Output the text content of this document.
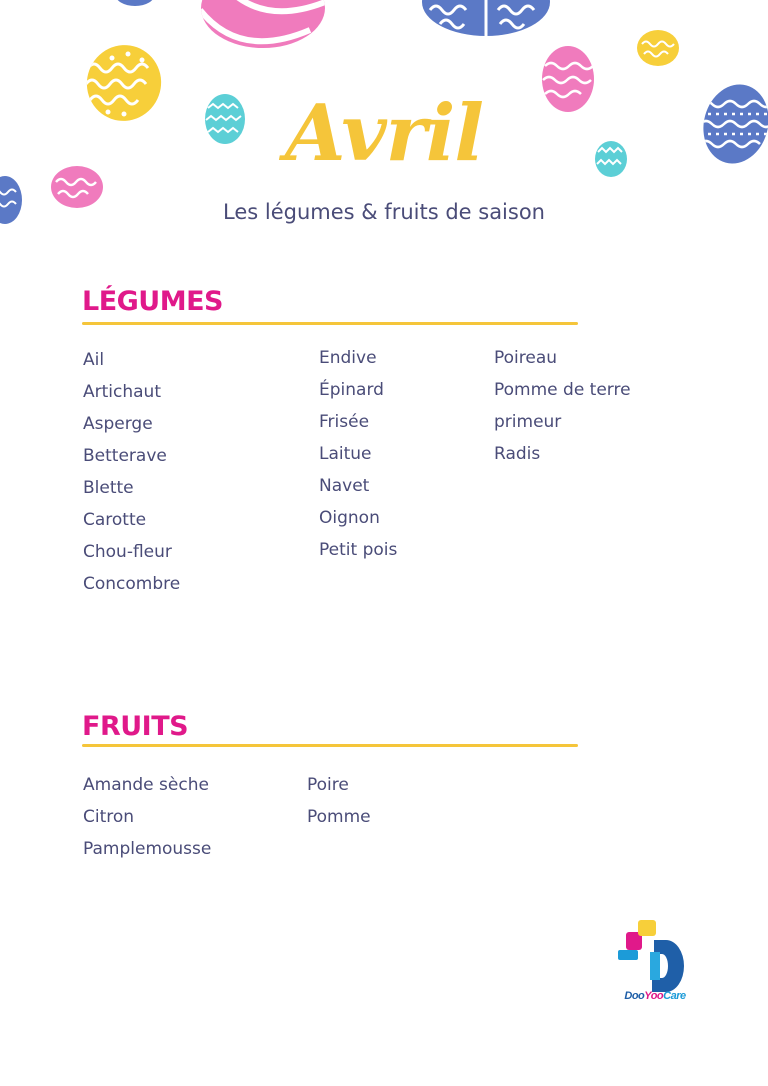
Avril
Les légumes & fruits de saison
LÉGUMES
Ail
Artichaut
Asperge
Betterave
Blette
Carotte
Chou-fleur
Concombre
Endive
Épinard
Frisée
Laitue
Navet
Oignon
Petit pois
Poireau
Pomme de terre
primeur
Radis
FRUITS
Amande sèche
Citron
Pamplemousse
Poire
Pomme
DooYooCare
